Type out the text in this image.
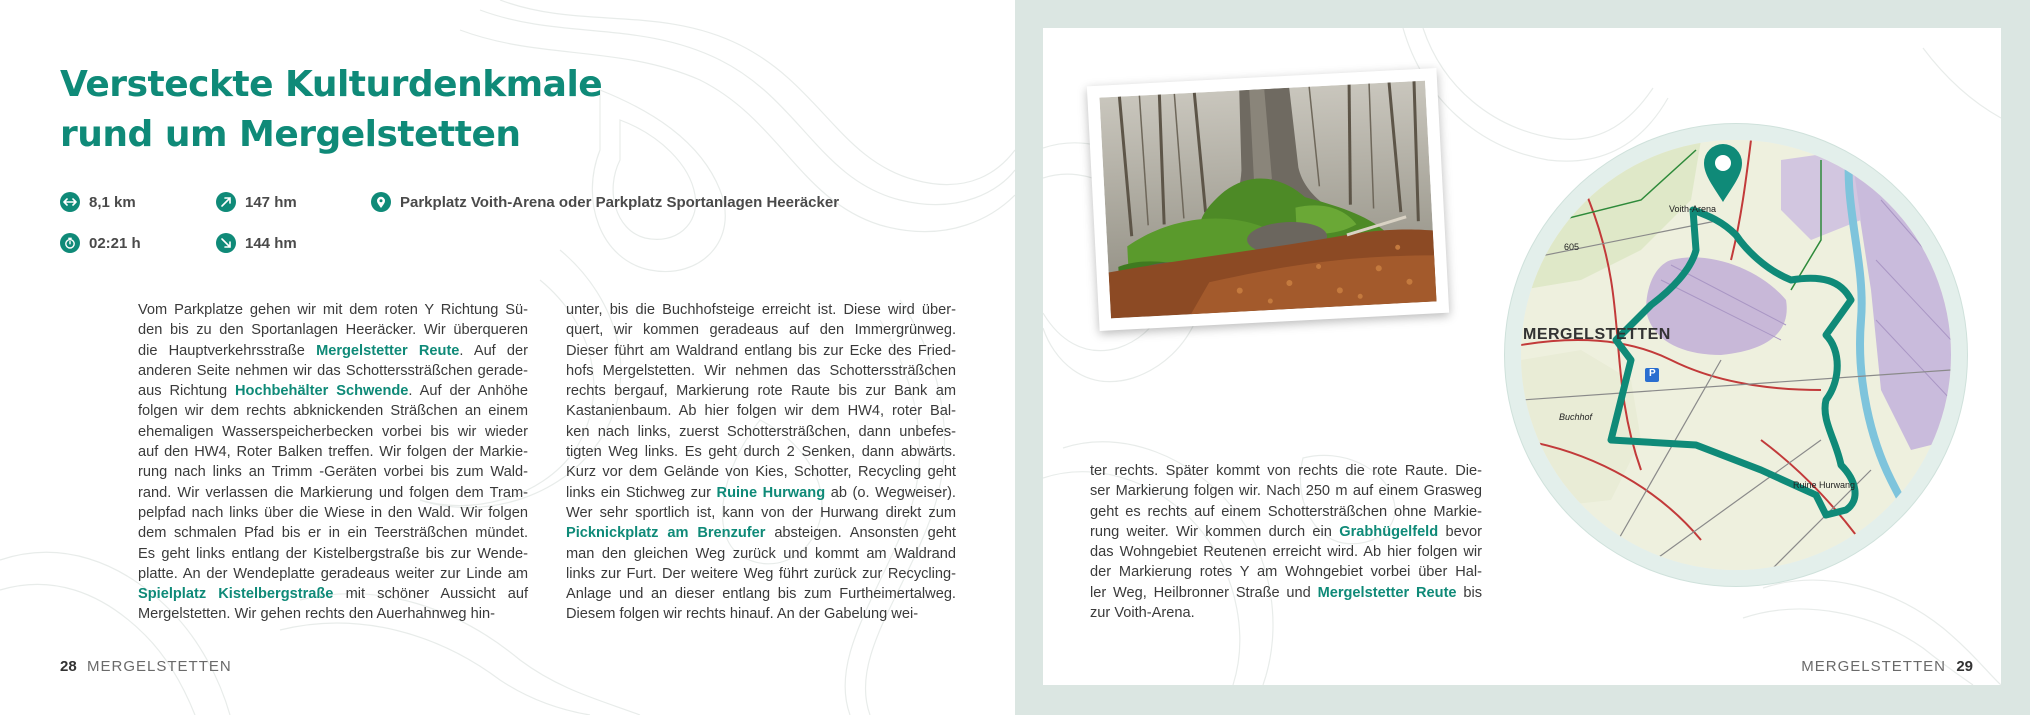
Versteckte Kulturdenkmale
rund um Mergelstetten
8,1 km
02:21 h
147 hm
144 hm
Parkplatz Voith-Arena oder Parkplatz Sportanlagen Heeräcker
Vom Parkplatze gehen wir mit dem roten Y Richtung Sü-
den bis zu den Sportanlagen Heeräcker. Wir überqueren
die Hauptverkehrsstraße Mergelstetter Reute. Auf der
anderen Seite nehmen wir das Schotterssträßchen gerade-
aus Richtung Hochbehälter Schwende. Auf der Anhöhe
folgen wir dem rechts abknickenden Sträßchen an einem
ehemaligen Wasserspeicherbecken vorbei bis wir wieder
auf den HW4, Roter Balken treffen. Wir folgen der Markie-
rung nach links an Trimm -Geräten vorbei bis zum Wald-
rand. Wir verlassen die Markierung und folgen dem Tram-
pelpfad nach links über die Wiese in den Wald. Wir folgen
dem schmalen Pfad bis er in ein Teersträßchen mündet.
Es geht links entlang der Kistelbergstraße bis zur Wende-
platte. An der Wendeplatte geradeaus weiter zur Linde am
Spielplatz Kistelbergstraße mit schöner Aussicht auf
Mergelstetten. Wir gehen rechts den Auerhahnweg hin-
unter, bis die Buchhofsteige erreicht ist. Diese wird über-
quert, wir kommen geradeaus auf den Immergrünweg.
Dieser führt am Waldrand entlang bis zur Ecke des Fried-
hofs Mergelstetten. Wir nehmen das Schotterssträßchen
rechts bergauf, Markierung rote Raute bis zur Bank am
Kastanienbaum. Ab hier folgen wir dem HW4, roter Bal-
ken nach links, zuerst Schottersträßchen, dann unbefes-
tigten Weg links. Es geht durch 2 Senken, dann abwärts.
Kurz vor dem Gelände von Kies, Schotter, Recycling geht
links ein Stichweg zur Ruine Hurwang ab (o. Wegweiser).
Wer sehr sportlich ist, kann von der Hurwang direkt zum
Picknickplatz am Brenzufer absteigen. Ansonsten geht
man den gleichen Weg zurück und kommt am Waldrand
links zur Furt. Der weitere Weg führt zurück zur Recycling-
Anlage und an dieser entlang bis zum Furtheimertalweg.
Diesem folgen wir rechts hinauf. An der Gabelung wei-
28 MERGELSTETTEN
ter rechts. Später kommt von rechts die rote Raute. Die-
ser Markierung folgen wir. Nach 250 m auf einem Grasweg
geht es rechts auf einem Schottersträßchen ohne Markie-
rung weiter. Wir kommen durch ein Grabhügelfeld bevor
das Wohngebiet Reutenen erreicht wird. Ab hier folgen wir
der Markierung rotes Y am Wohngebiet vorbei über Hal-
ler Weg, Heilbronner Straße und Mergelstetter Reute bis
zur Voith-Arena.
MERGELSTETTEN 29
MERGELSTETTEN
Voith-Arena
Buchhof
Ruine Hurwang
605
P
